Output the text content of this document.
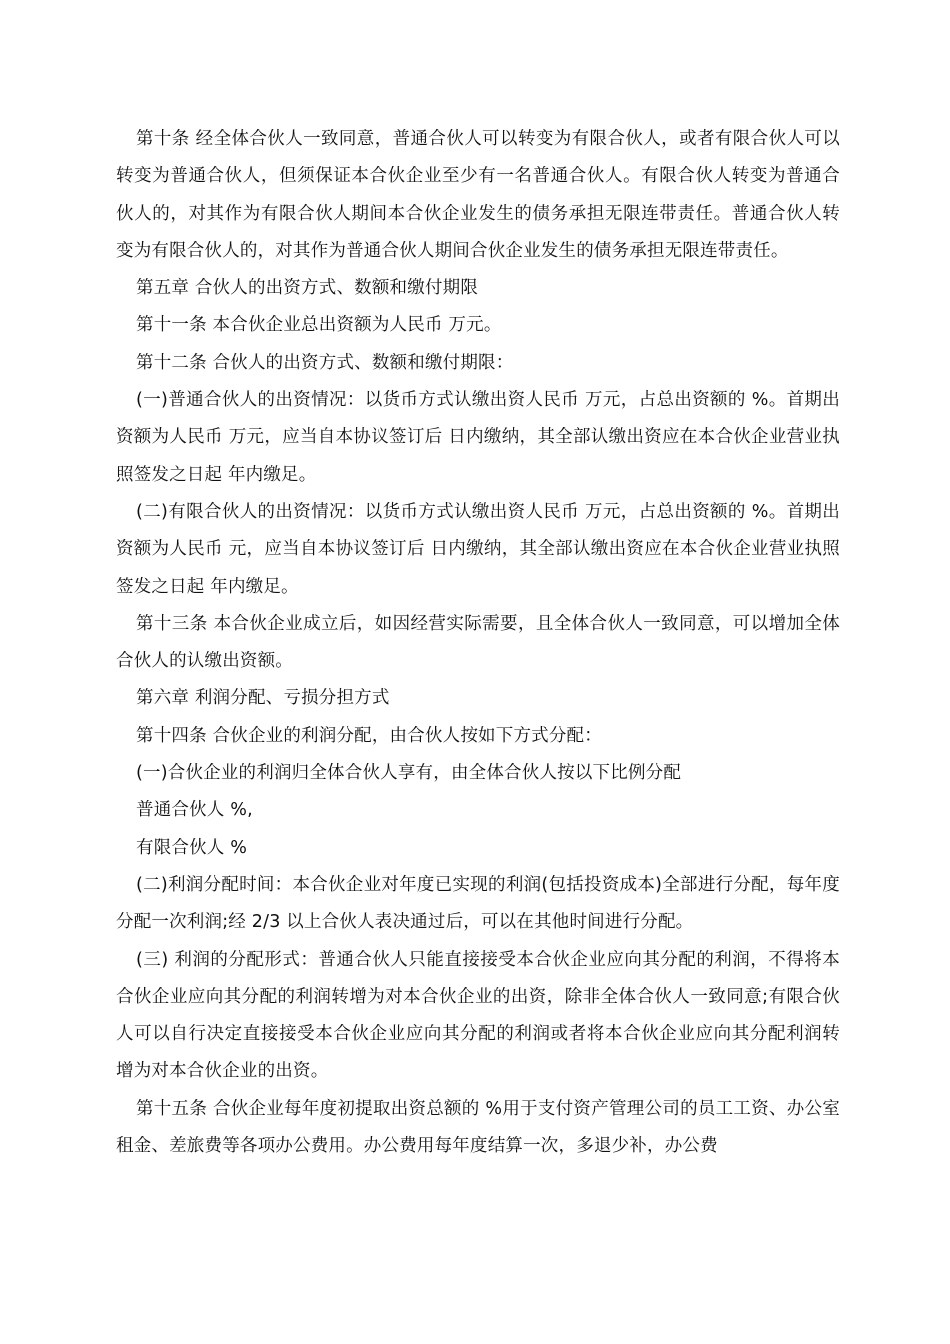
第十条 经全体合伙人一致同意，普通合伙人可以转变为有限合伙人，或者有限合伙人可以转变为普通合伙人，但须保证本合伙企业至少有一名普通合伙人。有限合伙人转变为普通合伙人的，对其作为有限合伙人期间本合伙企业发生的债务承担无限连带责任。普通合伙人转变为有限合伙人的，对其作为普通合伙人期间合伙企业发生的债务承担无限连带责任。

第五章 合伙人的出资方式、数额和缴付期限

第十一条 本合伙企业总出资额为人民币 万元。

第十二条 合伙人的出资方式、数额和缴付期限：

(一)普通合伙人的出资情况：以货币方式认缴出资人民币 万元，占总出资额的 %。首期出资额为人民币 万元，应当自本协议签订后 日内缴纳，其全部认缴出资应在本合伙企业营业执照签发之日起 年内缴足。

(二)有限合伙人的出资情况：以货币方式认缴出资人民币 万元，占总出资额的 %。首期出资额为人民币 元，应当自本协议签订后 日内缴纳，其全部认缴出资应在本合伙企业营业执照签发之日起 年内缴足。

第十三条 本合伙企业成立后，如因经营实际需要，且全体合伙人一致同意，可以增加全体合伙人的认缴出资额。

第六章 利润分配、亏损分担方式

第十四条 合伙企业的利润分配，由合伙人按如下方式分配：

(一)合伙企业的利润归全体合伙人享有，由全体合伙人按以下比例分配

普通合伙人 %,

有限合伙人 %

(二)利润分配时间：本合伙企业对年度已实现的利润(包括投资成本)全部进行分配，每年度分配一次利润;经 2/3 以上合伙人表决通过后，可以在其他时间进行分配。

(三) 利润的分配形式：普通合伙人只能直接接受本合伙企业应向其分配的利润，不得将本合伙企业应向其分配的利润转增为对本合伙企业的出资，除非全体合伙人一致同意;有限合伙人可以自行决定直接接受本合伙企业应向其分配的利润或者将本合伙企业应向其分配利润转增为对本合伙企业的出资。

第十五条 合伙企业每年度初提取出资总额的 %用于支付资产管理公司的员工工资、办公室租金、差旅费等各项办公费用。办公费用每年度结算一次，多退少补，办公费
